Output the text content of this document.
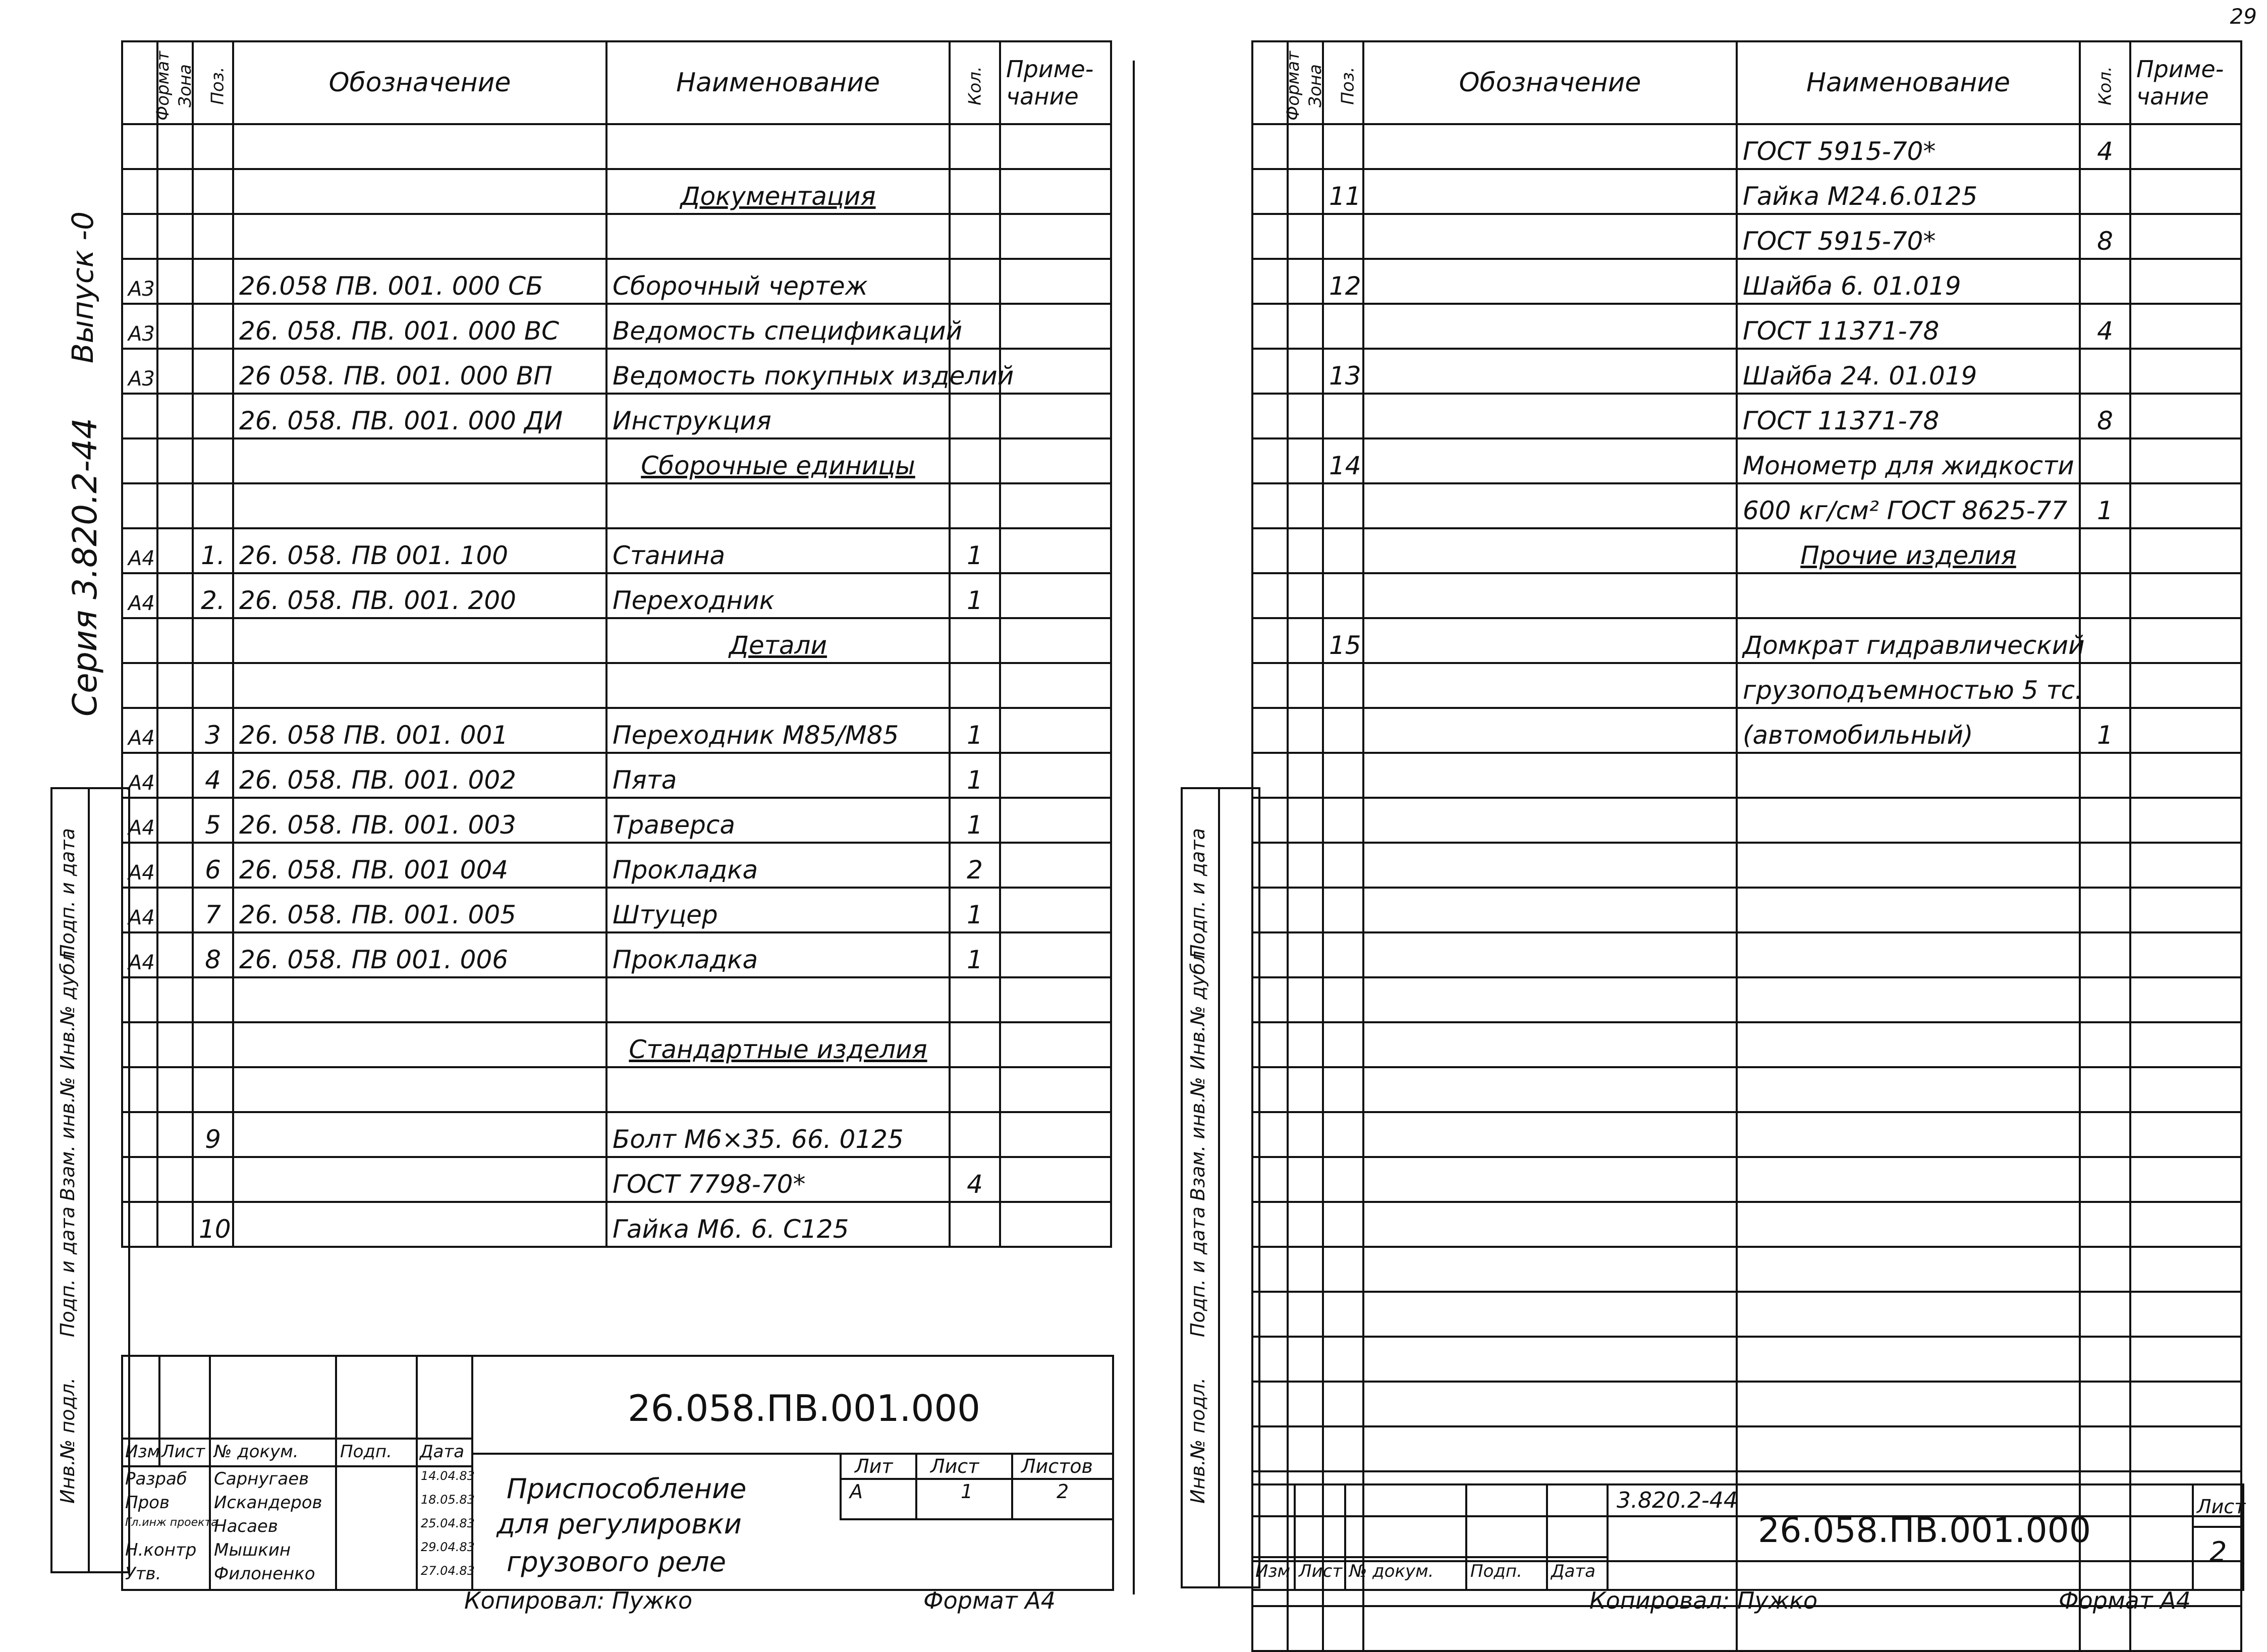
29
Выпуск -0
Серия 3.820.2-44
Подп. и дата
Инв.№ дубл.
Взам. инв.№
Подп. и дата
Инв.№ подл.
Формат	Зона	Поз.	Обозначение	Наименование	Кол.	Приме-
чание

				Документация		

А3			26.058 ПВ. 001. 000 СБ	Сборочный чертеж		
А3			26. 058. ПВ. 001. 000 ВС	Ведомость спецификаций		
А3			26 058. ПВ. 001. 000 ВП	Ведомость покупных изделий		
			26. 058. ПВ. 001. 000 ДИ	Инструкция		
				Сборочные единицы		

А4		1.	26. 058. ПВ 001. 100	Станина	1	
А4		2.	26. 058. ПВ. 001. 200	Переходник	1	
				Детали		

А4		3	26. 058 ПВ. 001. 001	Переходник М85/М85	1	
А4		4	26. 058. ПВ. 001. 002	Пята	1	
А4		5	26. 058. ПВ. 001. 003	Траверса	1	
А4		6	26. 058. ПВ. 001 004	Прокладка	2	
А4		7	26. 058. ПВ. 001. 005	Штуцер	1	
А4		8	26. 058. ПВ 001. 006	Прокладка	1	

				Стандартные изделия		

		9		Болт М6×35. 66. 0125		
				ГОСТ 7798-70*	4	
		10		Гайка М6. 6. С125		
26.058.ПВ.001.000
Изм Лист № докум. Подп. Дата
Разраб Сарнугаев	14.04.83
Пров	Искандеров	18.05.83
Гл.инж проекта
Насаев	25.04.83
Н.контр Мышкин	29.04.83
Утв.	Филоненко	27.04.83
Приспособление
для регулировки
грузового реле
Лит Лист Листов
А	1	2
Копировал: Пужко	Формат А4
Подп. и дата
Инв.№ дубл.
Взам. инв.№
Подп. и дата
Инв.№ подл.
Формат	Зона	Поз.	Обозначение	Наименование	Кол.	Приме-
чание
				ГОСТ 5915-70*	4	
		11		Гайка М24.6.0125		
				ГОСТ 5915-70*	8	
		12		Шайба 6. 01.019		
				ГОСТ 11371-78	4	
		13		Шайба 24. 01.019		
				ГОСТ 11371-78	8	
		14		Монометр для жидкости		
				600 кг/см² ГОСТ 8625-77	1	
				Прочие изделия		

		15		Домкрат гидравлический		
				грузоподъемностью 5 тс.		
				(автомобильный)	1	

3.820.2-44
26.058.ПВ.001.000
Лист
2
Изм Лист № докум. Подп. Дата
Копировал: Пужко	Формат А4
